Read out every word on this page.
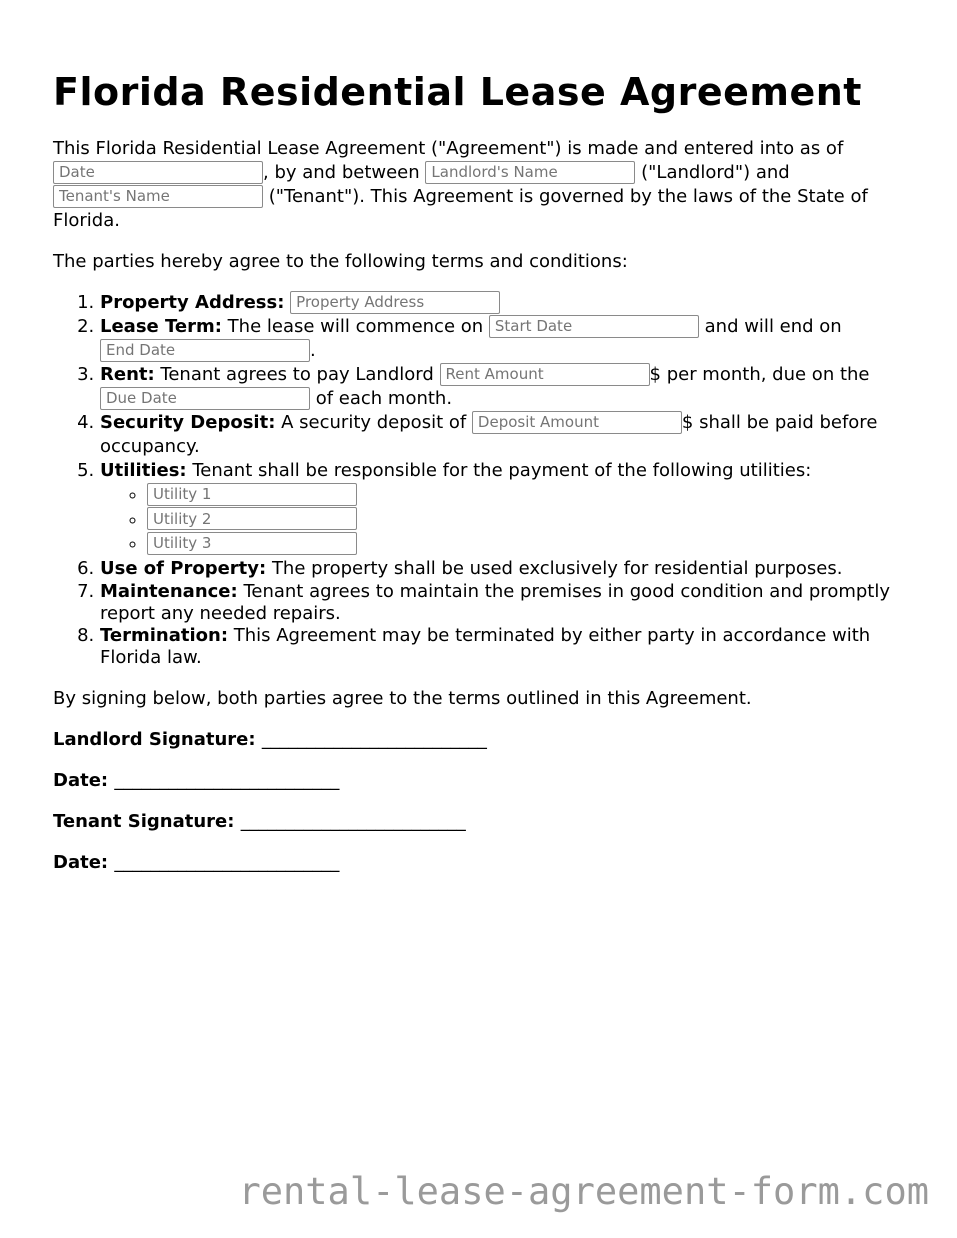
Florida Residential Lease Agreement
This Florida Residential Lease Agreement ("Agreement") is made and entered into as of Date, by and between Landlord's Name	("Landlord") and Tenant's Name ("Tenant"). This Agreement is governed by the laws of the State of Florida.
The parties hereby agree to the following terms and conditions:
1. Property Address: Property Address
2. Lease Term: The lease will commence on Start Date	and will end on End Date.
3. Rent: Tenant agrees to pay Landlord Rent Amount	$ per month, due on the Due Date of each month.
4. Security Deposit: A security deposit of Deposit Amount	$ shall be paid before occupancy.
5. Utilities: Tenant shall be responsible for the payment of the following utilities:
◦ Utility 1
◦ Utility 2
◦ Utility 3
6. Use of Property: The property shall be used exclusively for residential purposes.
7. Maintenance: Tenant agrees to maintain the premises in good condition and promptly report any needed repairs.
8. Termination: This Agreement may be terminated by either party in accordance with Florida law.
By signing below, both parties agree to the terms outlined in this Agreement.
Landlord Signature: _________________________
Date: _________________________
Tenant Signature: _________________________
Date: _________________________
rental-lease-agreement-form.com
